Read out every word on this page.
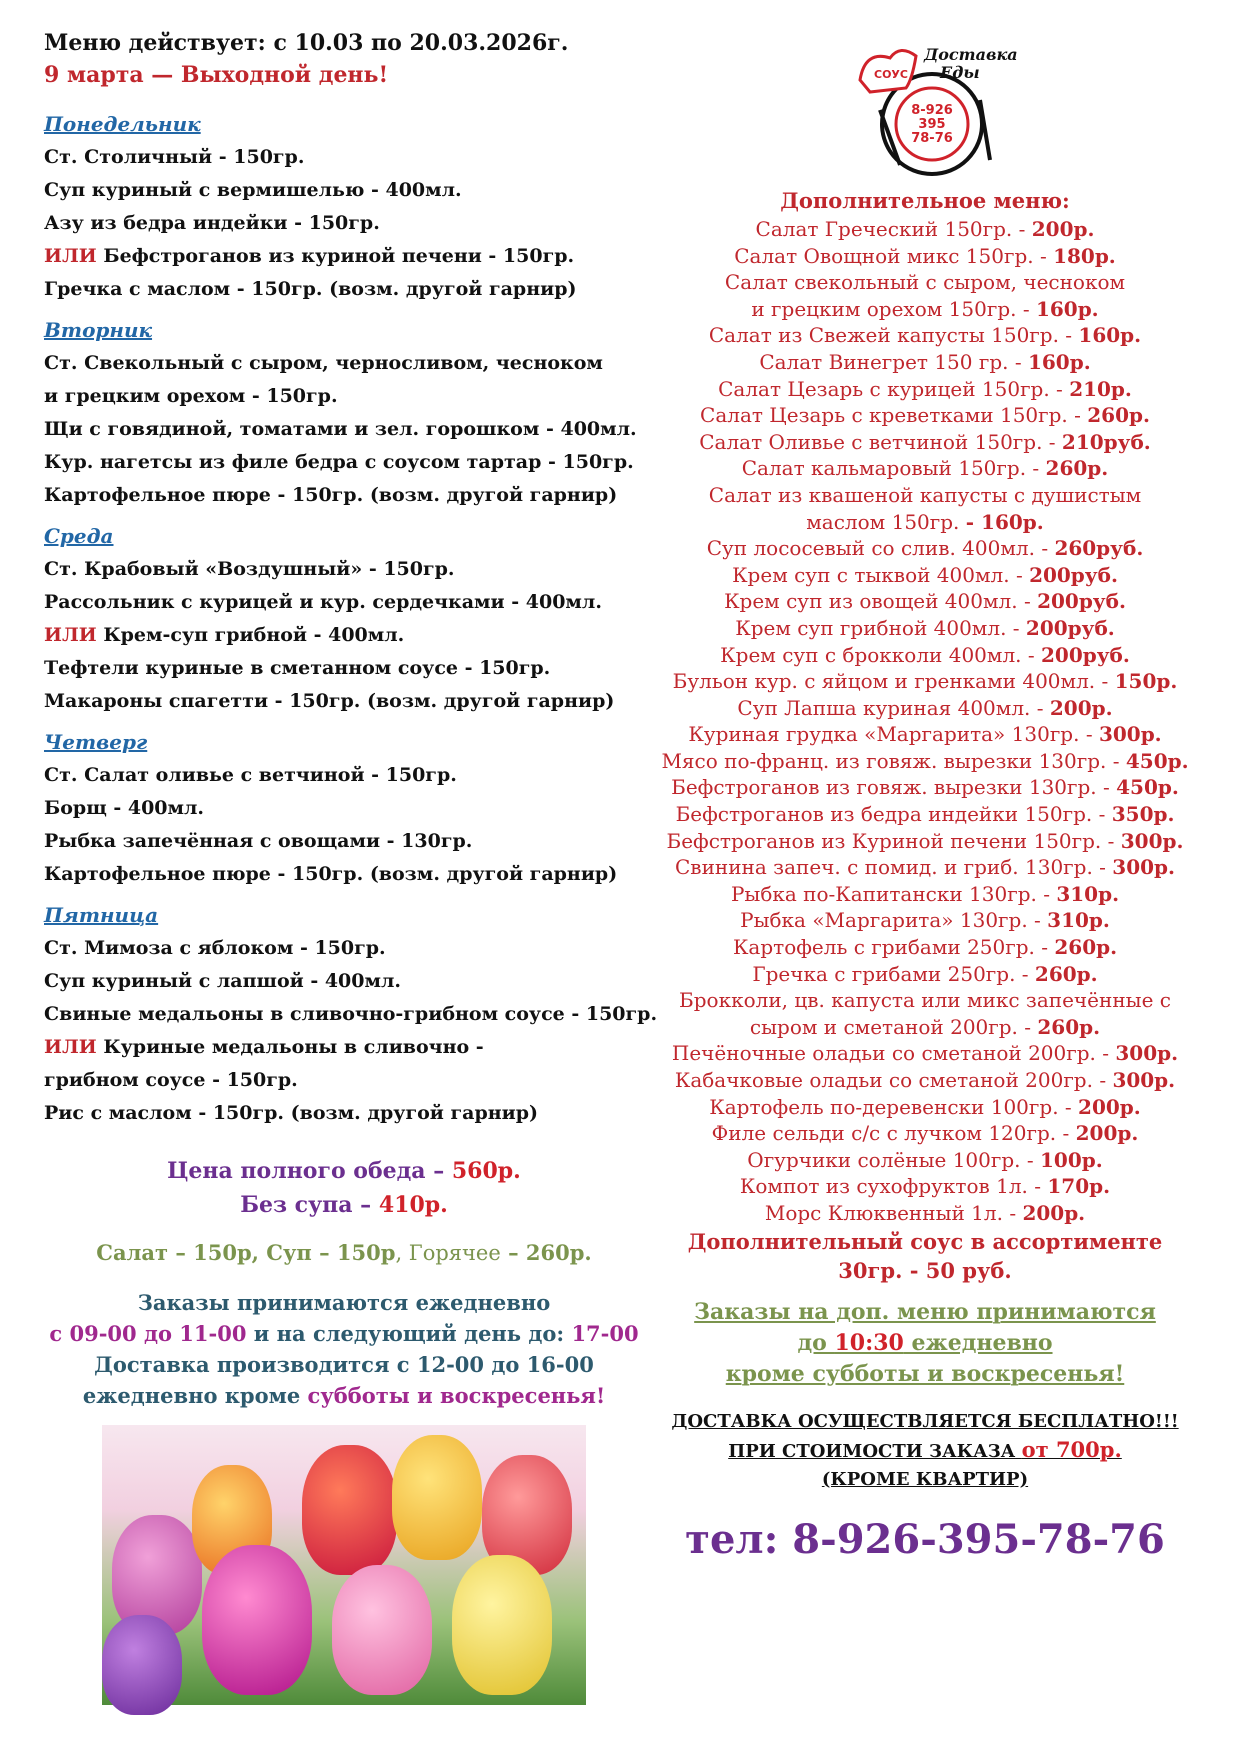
Меню действует: с 10.03 по 20.03.2026г.
9 марта — Выходной день!
Понедельник
Ст. Столичный - 150гр.
Суп куриный с вермишелью - 400мл.
Азу из бедра индейки - 150гр.
ИЛИ Бефстроганов из куриной печени - 150гр.
Гречка с маслом - 150гр. (возм. другой гарнир)
Вторник
Ст. Свекольный с сыром, черносливом, чесноком
и грецким орехом - 150гр.
Щи с говядиной, томатами и зел. горошком - 400мл.
Кур. нагетсы из филе бедра с соусом тартар - 150гр.
Картофельное пюре - 150гр. (возм. другой гарнир)
Среда
Ст. Крабовый «Воздушный» - 150гр.
Рассольник с курицей и кур. сердечками - 400мл.
ИЛИ Крем-суп грибной - 400мл.
Тефтели куриные в сметанном соусе - 150гр.
Макароны спагетти - 150гр. (возм. другой гарнир)
Четверг
Ст. Салат оливье с ветчиной - 150гр.
Борщ - 400мл.
Рыбка запечённая с овощами - 130гр.
Картофельное пюре - 150гр. (возм. другой гарнир)
Пятница
Ст. Мимоза с яблоком - 150гр.
Суп куриный с лапшой - 400мл.
Свиные медальоны в сливочно-грибном соусе - 150гр.
ИЛИ Куриные медальоны в сливочно -
грибном соусе - 150гр.
Рис с маслом - 150гр. (возм. другой гарнир)
Цена полного обеда – 560р.
Без супа – 410р.
Салат – 150р, Суп – 150р, Горячее – 260р.
Заказы принимаются ежедневно
с 09-00 до 11-00 и на следующий день до: 17-00
Доставка производится с 12-00 до 16-00
ежедневно кроме субботы и воскресенья!
СОУС
Доставка
Еды
8-926
395
78-76
Дополнительное меню:
Салат Греческий 150гр. - 200р.
Салат Овощной микс 150гр. - 180р.
Салат свекольный с сыром, чесноком
и грецким орехом 150гр. - 160р.
Салат из Свежей капусты 150гр. - 160р.
Салат Винегрет 150 гр. - 160р.
Салат Цезарь с курицей 150гр. - 210р.
Салат Цезарь с креветками 150гр. - 260р.
Салат Оливье с ветчиной 150гр. - 210руб.
Салат кальмаровый 150гр. - 260р.
Салат из квашеной капусты с душистым
маслом 150гр. - 160р.
Суп лососевый со слив. 400мл. - 260руб.
Крем суп с тыквой 400мл. - 200руб.
Крем суп из овощей 400мл. - 200руб.
Крем суп грибной 400мл. - 200руб.
Крем суп с брокколи 400мл. - 200руб.
Бульон кур. с яйцом и гренками 400мл. - 150р.
Суп Лапша куриная 400мл. - 200р.
Куриная грудка «Маргарита» 130гр. - 300р.
Мясо по-франц. из говяж. вырезки 130гр. - 450р.
Бефстроганов из говяж. вырезки 130гр. - 450р.
Бефстроганов из бедра индейки 150гр. - 350р.
Бефстроганов из Куриной печени 150гр. - 300р.
Свинина запеч. с помид. и гриб. 130гр. - 300р.
Рыбка по-Капитански 130гр. - 310р.
Рыбка «Маргарита» 130гр. - 310р.
Картофель с грибами 250гр. - 260р.
Гречка с грибами 250гр. - 260р.
Брокколи, цв. капуста или микс запечённые с
сыром и сметаной 200гр. - 260р.
Печёночные оладьи со сметаной 200гр. - 300р.
Кабачковые оладьи со сметаной 200гр. - 300р.
Картофель по-деревенски 100гр. - 200р.
Филе сельди с/с с лучком 120гр. - 200р.
Огурчики солёные 100гр. - 100р.
Компот из сухофруктов 1л. - 170р.
Морс Клюквенный 1л. - 200р.
Дополнительный соус в ассортименте
30гр. - 50 руб.
Заказы на доп. меню принимаются
до 10:30 ежедневно
кроме субботы и воскресенья!
ДОСТАВКА ОСУЩЕСТВЛЯЕТСЯ БЕСПЛАТНО!!!
ПРИ СТОИМОСТИ ЗАКАЗА от 700р.
(КРОМЕ КВАРТИР)
тел: 8-926-395-78-76
